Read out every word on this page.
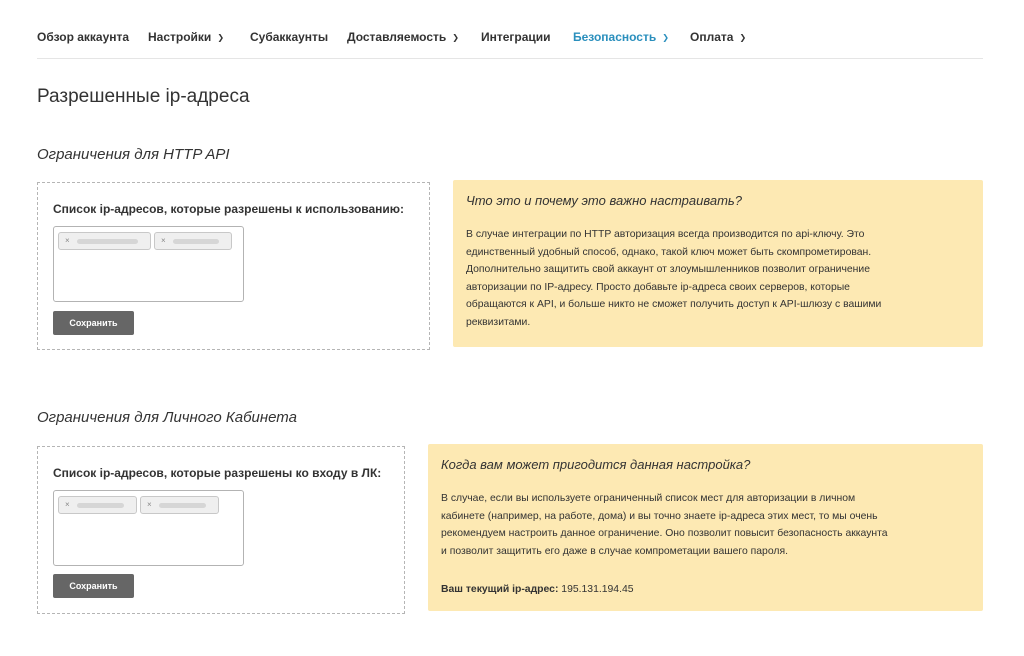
Обзор аккаунта Настройки ❯ Субаккаунты Доставляемость ❯ Интеграции Безопасность ❯ Оплата ❯
Разрешенные ip-адреса
Ограничения для HTTP API
Список ip-адресов, которые разрешены к использованию:
×	×
Сохранить
Что это и почему это важно настраивать?
В случае интеграции по HTTP авторизация всегда производится по api-ключу. Это
единственный удобный способ, однако, такой ключ может быть скомпрометирован.
Дополнительно защитить свой аккаунт от злоумышленников позволит ограничение
авторизации по IP-адресу. Просто добавьте ip-адреса своих серверов, которые
обращаются к API, и больше никто не сможет получить доступ к API-шлюзу с вашими
реквизитами.
Ограничения для Личного Кабинета
Список ip-адресов, которые разрешены ко входу в ЛК:
×	×
Сохранить
Когда вам может пригодится данная настройка?
В случае, если вы используете ограниченный список мест для авторизации в личном
кабинете (например, на работе, дома) и вы точно знаете ip-адреса этих мест, то мы очень
рекомендуем настроить данное ограничение. Оно позволит повысит безопасность аккаунта
и позволит защитить его даже в случае компрометации вашего пароля.
Ваш текущий ip-адрес: 195.131.194.45
